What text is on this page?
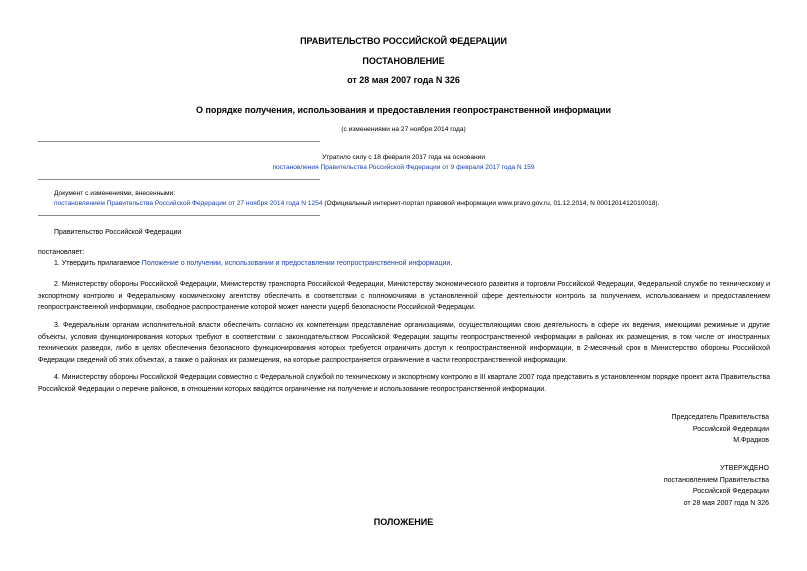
ПРАВИТЕЛЬСТВО РОССИЙСКОЙ ФЕДЕРАЦИИ
ПОСТАНОВЛЕНИЕ
от 28 мая 2007 года N 326
О порядке получения, использования и предоставления геопространственной информации
(с изменениями на 27 ноября 2014 года)
Утратило силу с 18 февраля 2017 года на основании
постановления Правительства Российской Федерации от 9 февраля 2017 года N 159
Документ с изменениями, внесенными:
постановлением Правительства Российской Федерации от 27 ноября 2014 года N 1254 (Официальный интернет-портал правовой информации www.pravo.gov.ru, 01.12.2014, N 0001201412010018).
Правительство Российской Федерации
постановляет:
1. Утвердить прилагаемое Положение о получении, использовании и предоставлении геопространственной информации.
2. Министерству обороны Российской Федерации, Министерству транспорта Российской Федерации, Министерству экономического развития и торговли Российской Федерации, Федеральной службе по техническому и экспортному контролю и Федеральному космическому агентству обеспечить в соответствии с полномочиями в установленной сфере деятельности контроль за получением, использованием и предоставлением геопространственной информации, свободное распространение которой может нанести ущерб безопасности Российской Федерации.
3. Федеральным органам исполнительной власти обеспечить согласно их компетенции представление организациями, осуществляющими свою деятельность в сфере их ведения, имеющими режимные и другие объекты, условия функционирования которых требуют в соответствии с законодательством Российской Федерации защиты геопространственной информации в районах их размещения, в том числе от иностранных технических разведок, либо в целях обеспечения безопасного функционирования которых требуется ограничить доступ к геопространственной информации, в 2-месячный срок в Министерство обороны Российской Федерации сведений об этих объектах, а также о районах их размещения, на которые распространяется ограничение в части геопространственной информации.
4. Министерству обороны Российской Федерации совместно с Федеральной службой по техническому и экспортному контролю в III квартале 2007 года представить в установленном порядке проект акта Правительства Российской Федерации о перечне районов, в отношении которых вводится ограничение на получение и использование геопространственной информации.
Председатель Правительства
Российской Федерации
М.Фрадков
УТВЕРЖДЕНО
постановлением Правительства
Российской Федерации
от 28 мая 2007 года N 326
ПОЛОЖЕНИЕ
